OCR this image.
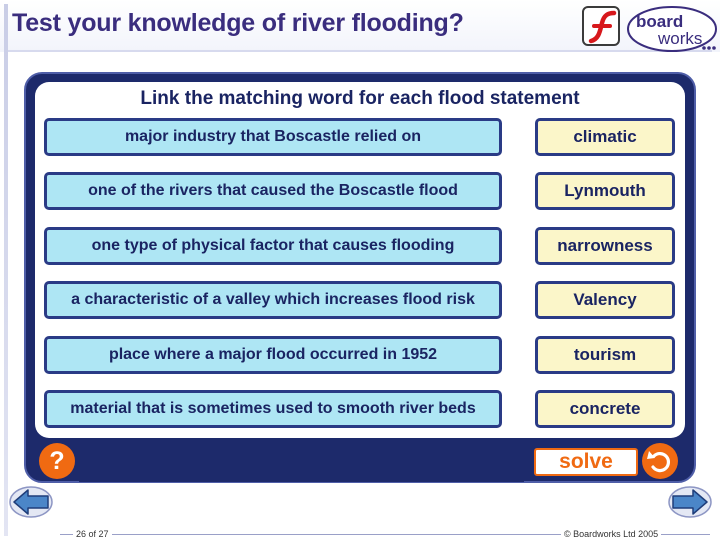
Test your knowledge of river flooding?	board
works
Link the matching word for each flood statement
major industry that Boscastle relied on
one of the rivers that caused the Boscastle flood
one type of physical factor that causes flooding
a characteristic of a valley which increases flood risk
place where a major flood occurred in 1952
material that is sometimes used to smooth river beds
climatic
Lynmouth
narrowness
Valency
tourism
concrete
?	solve
26 of 27	© Boardworks Ltd 2005
